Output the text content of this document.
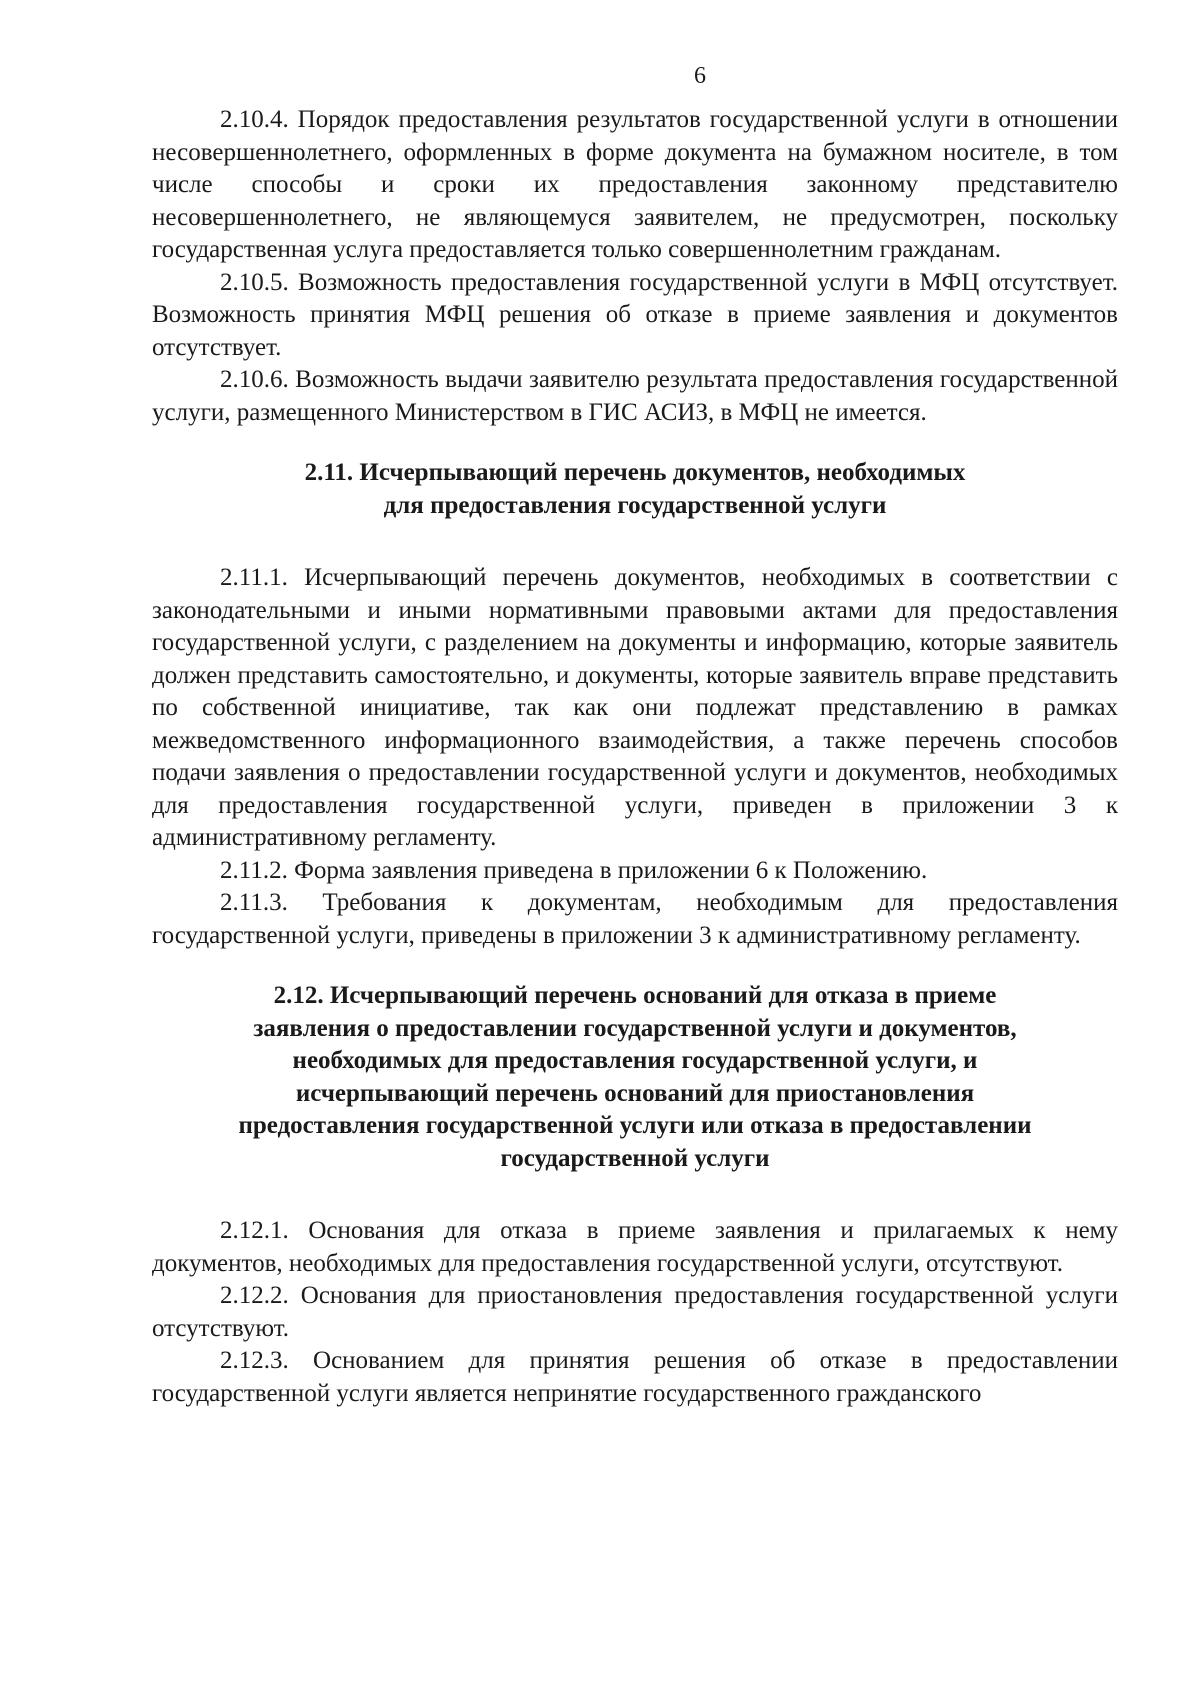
6

2.10.4. Порядок предоставления результатов государственной услуги в отношении несовершеннолетнего, оформленных в форме документа на бумажном носителе, в том числе способы и сроки их предоставления законному представителю несовершеннолетнего, не являющемуся заявителем, не предусмотрен, поскольку государственная услуга предоставляется только совершеннолетним гражданам.

2.10.5. Возможность предоставления государственной услуги в МФЦ отсутствует. Возможность принятия МФЦ решения об отказе в приеме заявления и документов отсутствует.

2.10.6. Возможность выдачи заявителю результата предоставления государственной услуги, размещенного Министерством в ГИС АСИЗ, в МФЦ не имеется.

2.11. Исчерпывающий перечень документов, необходимых
для предоставления государственной услуги

2.11.1. Исчерпывающий перечень документов, необходимых в соответствии с законодательными и иными нормативными правовыми актами для предоставления государственной услуги, с разделением на документы и информацию, которые заявитель должен представить самостоятельно, и документы, которые заявитель вправе представить по собственной инициативе, так как они подлежат представлению в рамках межведомственного информационного взаимодействия, а также перечень способов подачи заявления о предоставлении государственной услуги и документов, необходимых для предоставления государственной услуги, приведен в приложении 3 к административному регламенту.

2.11.2. Форма заявления приведена в приложении 6 к Положению.

2.11.3. Требования к документам, необходимым для предоставления государственной услуги, приведены в приложении 3 к административному регламенту.

2.12. Исчерпывающий перечень оснований для отказа в приеме
заявления о предоставлении государственной услуги и документов,
необходимых для предоставления государственной услуги, и
исчерпывающий перечень оснований для приостановления
предоставления государственной услуги или отказа в предоставлении
государственной услуги

2.12.1. Основания для отказа в приеме заявления и прилагаемых к нему документов, необходимых для предоставления государственной услуги, отсутствуют.

2.12.2. Основания для приостановления предоставления государственной услуги отсутствуют.

2.12.3. Основанием для принятия решения об отказе в предоставлении государственной услуги является непринятие государственного гражданского
